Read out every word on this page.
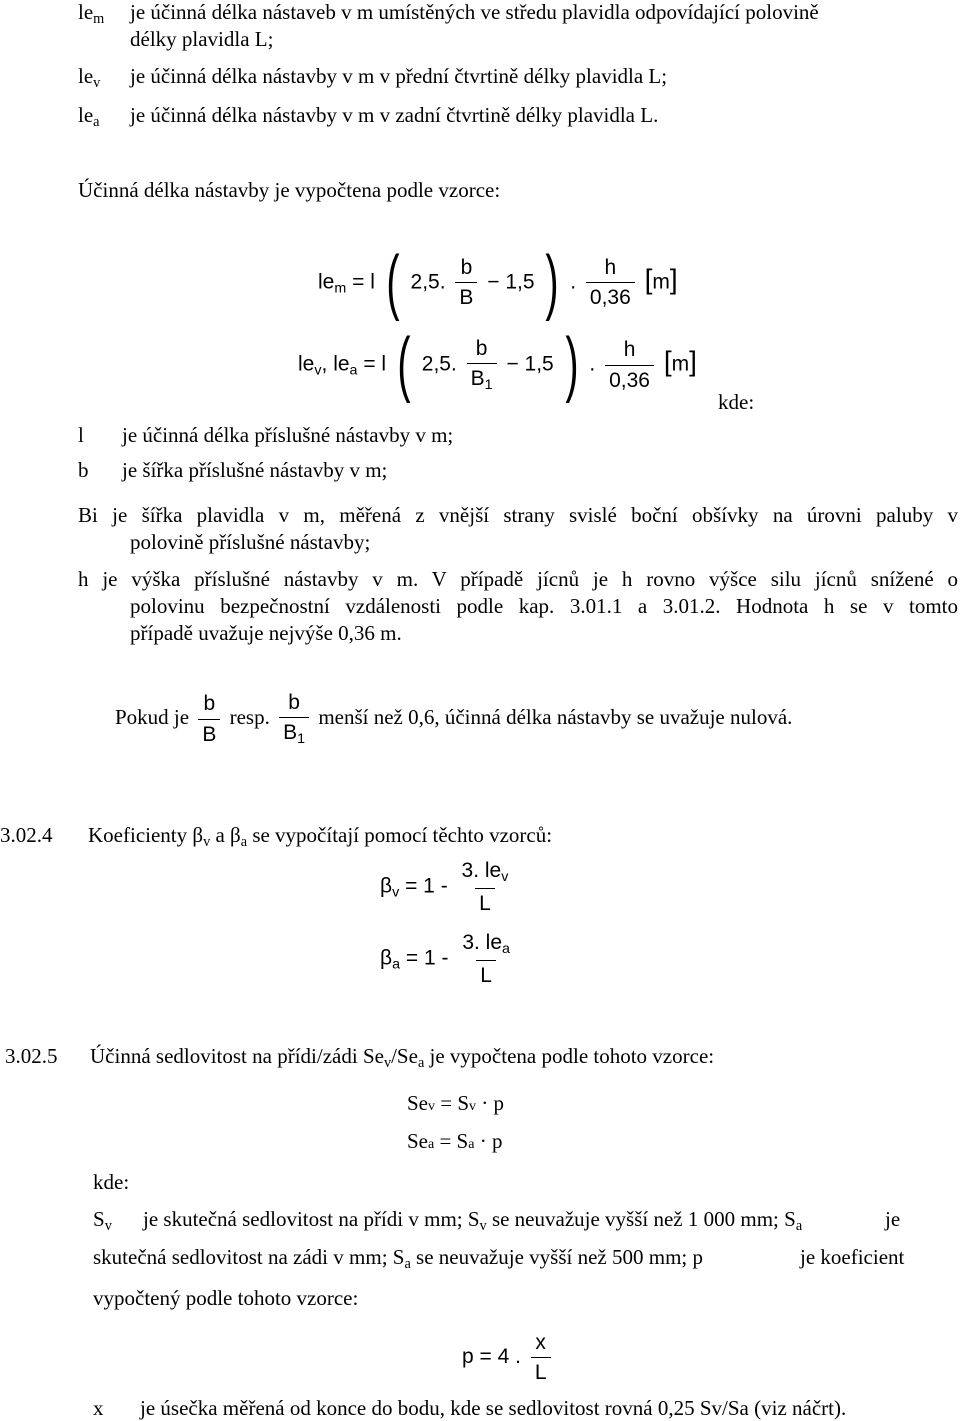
$le_m$ je účinná délka nástaveb v m umístěných ve středu plavidla odpovídající polovině
délky plavidla L;
$le_v$ je účinná délka nástavby v m v přední čtvrtině délky plavidla L;
$le_a$ je účinná délka nástavby v m v zadní čtvrtině délky plavidla L.
Účinná délka nástavby je vypočtena podle vzorce:
$le_m = l$ ( 2,5. $\frac{b}{B} - 1,5$ ) . $\frac{h}{0,36} [m]$
$le_v$, $le_a = l$ ( 2,5. $\frac{b}{B_1} - 1,5$ ) . $\frac{h}{0,36} [m]$
kde:
l je účinná délka příslušné nástavby v m;
b je šířka příslušné nástavby v m;
Bi je šířka plavidla v m, měřená z vnější strany svislé boční obšívky na úrovni paluby v
polovině příslušné nástavby;
h je výška příslušné nástavby v m. V případě jícnů je h rovno výšce silu jícnů snížené o
polovinu bezpečnostní vzdálenosti podle kap. 3.01.1 a 3.01.2. Hodnota h se v tomto
případě uvažuje nejvýše 0,36 m.
Pokud je $\frac{b}{B}$ resp. $\frac{b}{B_1}$ menší než 0,6, účinná délka nástavby se uvažuje nulová.
3.02.4 Koeficienty $\beta_v$ a $\beta_a$ se vypočítají pomocí těchto vzorců:
$\beta_v = 1 - \frac{3. le_v}{L}$
$\beta_a = 1 - \frac{3. le_a}{L}$
3.02.5 Účinná sedlovitost na přídi/zádi $Se_v/Se_a$ je vypočtena podle tohoto vzorce:
Sev = Sv · p
Sea = Sa · p
kde:
$S_v$ je skutečná sedlovitost na přídi v mm; $S_v$ se neuvažuje vyšší než 1 000 mm; $S_a$	je
skutečná sedlovitost na zádi v mm; $S_a$ se neuvažuje vyšší než 500 mm; p	je koeficient
vypočtený podle tohoto vzorce:
p = 4 . $\frac{x}{L}$
x je úsečka měřená od konce do bodu, kde se sedlovitost rovná 0,25 Sv/Sa (viz náčrt).
